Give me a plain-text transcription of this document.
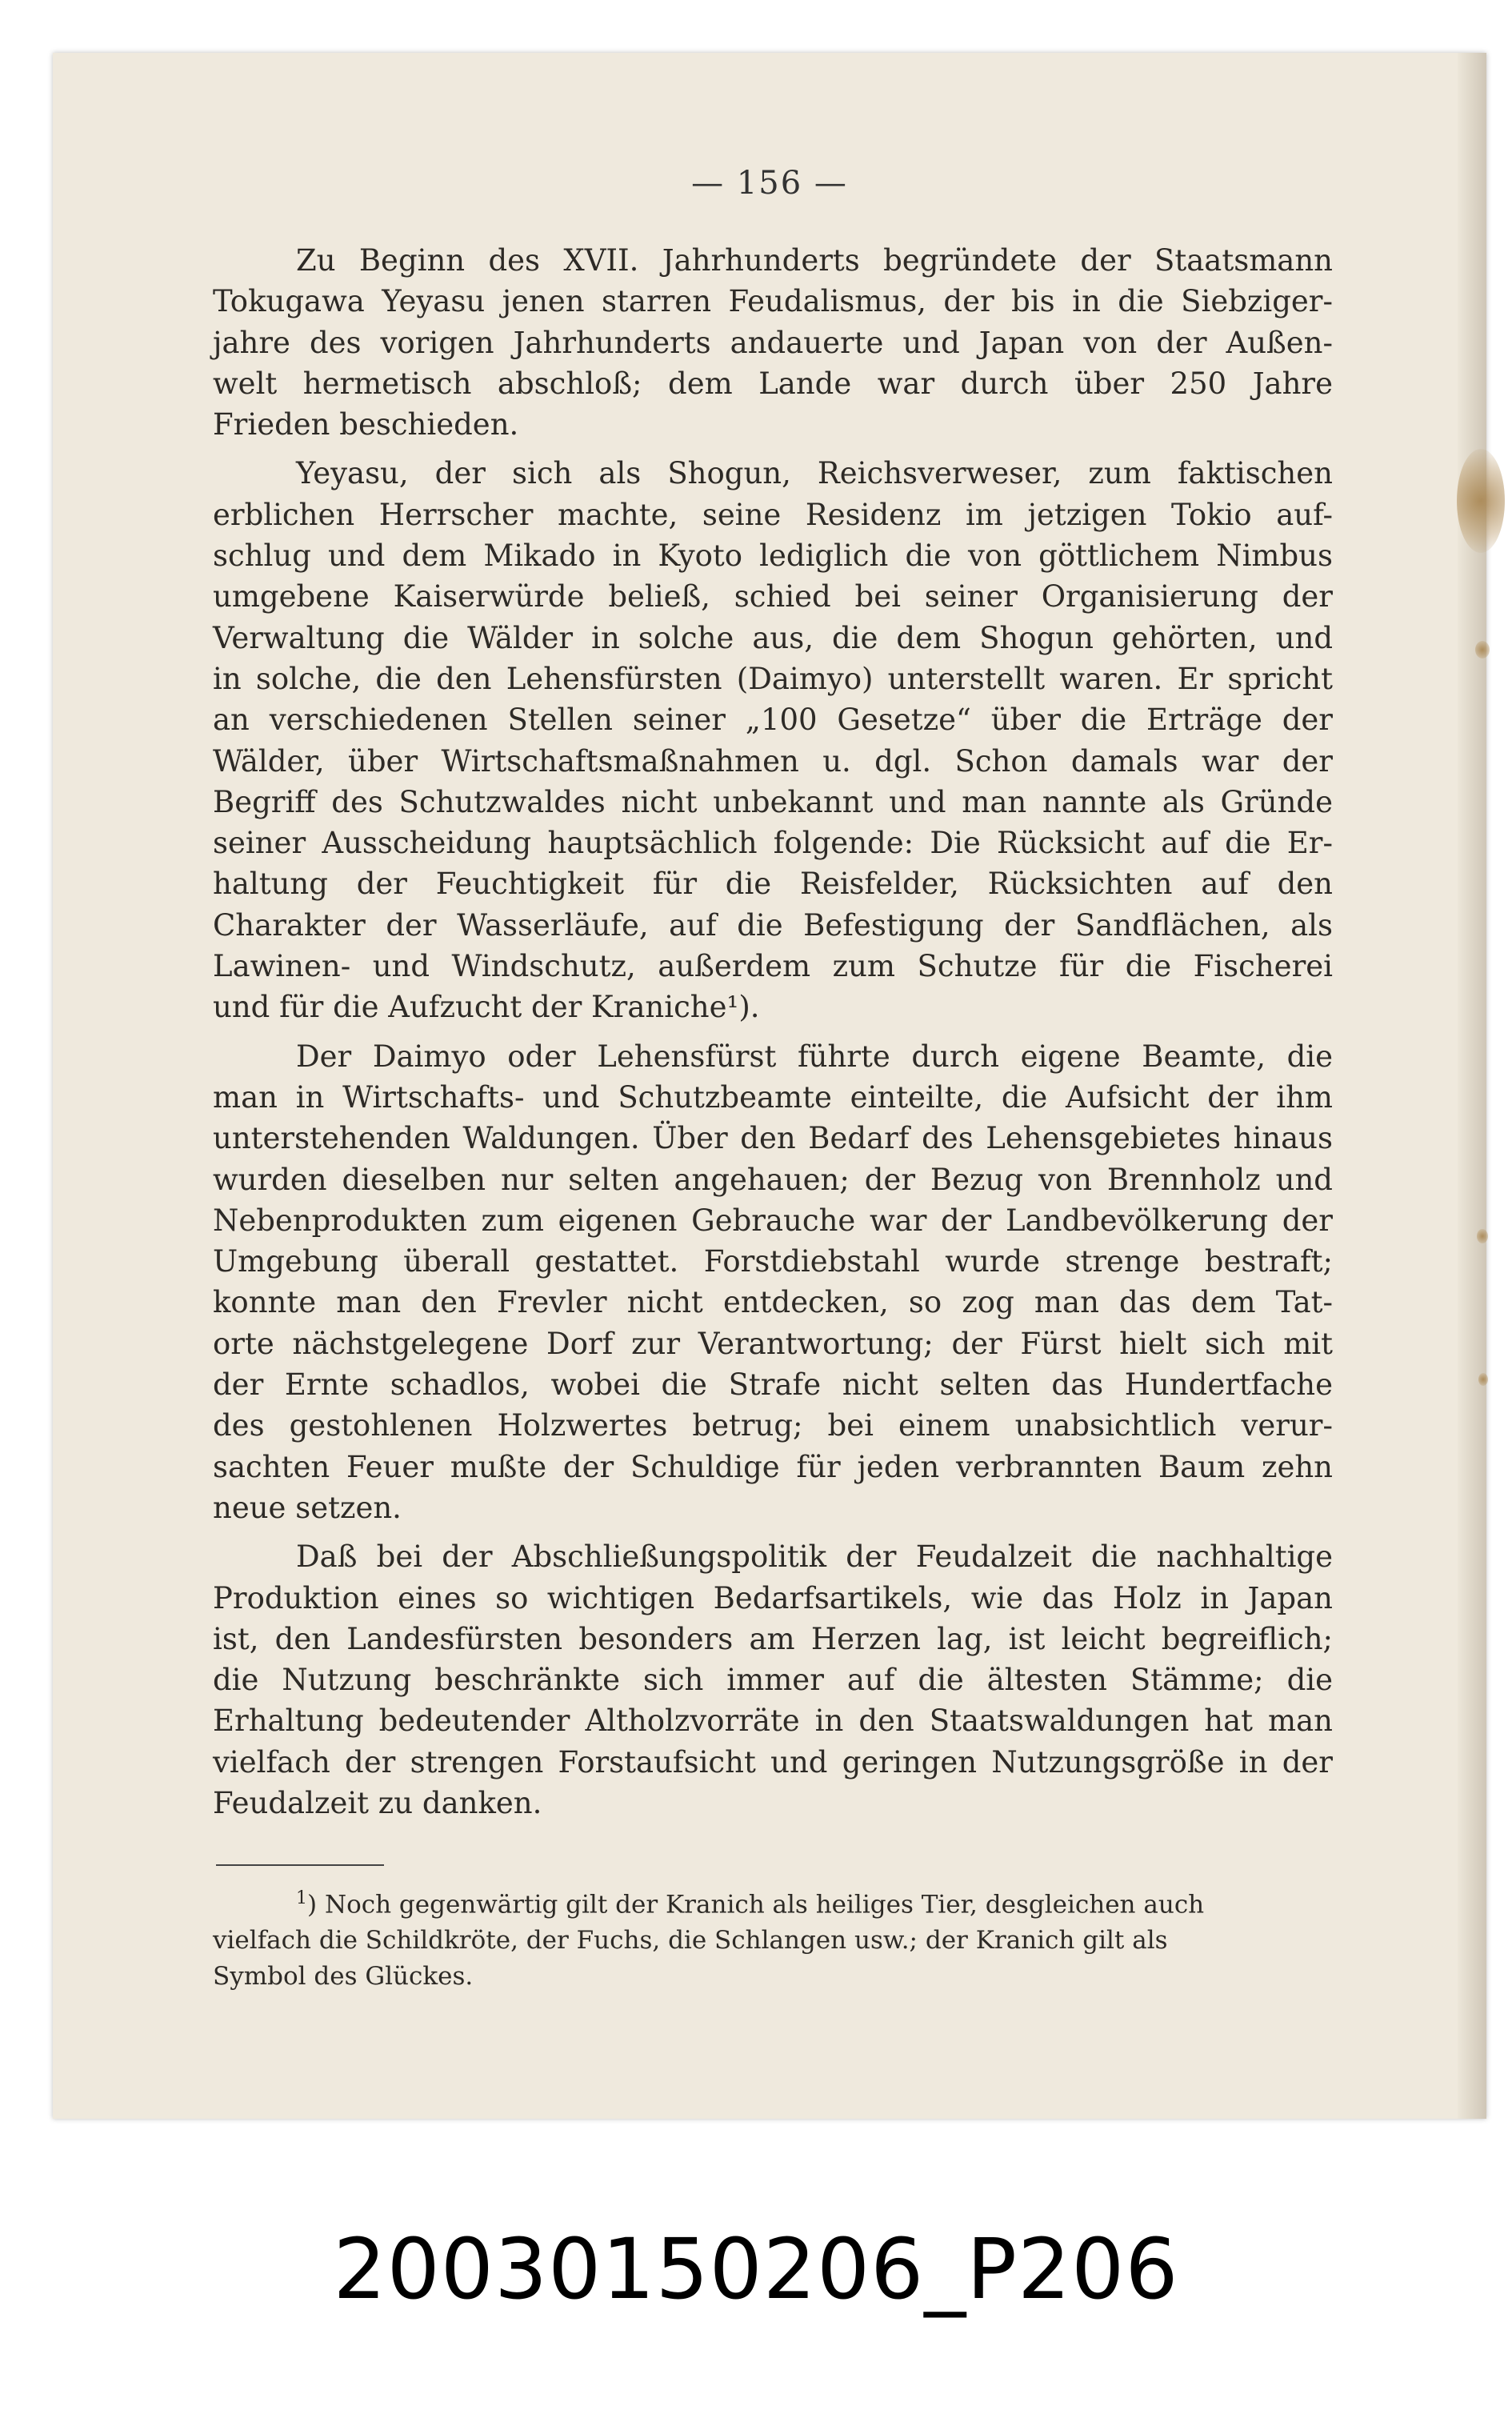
— 156 —

Zu Beginn des XVII. Jahrhunderts begründete der Staatsmann
Tokugawa Yeyasu jenen starren Feudalismus, der bis in die Siebziger-
jahre des vorigen Jahrhunderts andauerte und Japan von der Außen-
welt hermetisch abschloß; dem Lande war durch über 250 Jahre
Frieden beschieden.

Yeyasu, der sich als Shogun, Reichsverweser, zum faktischen
erblichen Herrscher machte, seine Residenz im jetzigen Tokio auf-
schlug und dem Mikado in Kyoto lediglich die von göttlichem Nimbus
umgebene Kaiserwürde beließ, schied bei seiner Organisierung der
Verwaltung die Wälder in solche aus, die dem Shogun gehörten, und
in solche, die den Lehensfürsten (Daimyo) unterstellt waren. Er spricht
an verschiedenen Stellen seiner „100 Gesetze“ über die Erträge der
Wälder, über Wirtschaftsmaßnahmen u. dgl. Schon damals war der
Begriff des Schutzwaldes nicht unbekannt und man nannte als Gründe
seiner Ausscheidung hauptsächlich folgende: Die Rücksicht auf die Er-
haltung der Feuchtigkeit für die Reisfelder, Rücksichten auf den
Charakter der Wasserläufe, auf die Befestigung der Sandflächen, als
Lawinen- und Windschutz, außerdem zum Schutze für die Fischerei
und für die Aufzucht der Kraniche¹).

Der Daimyo oder Lehensfürst führte durch eigene Beamte, die
man in Wirtschafts- und Schutzbeamte einteilte, die Aufsicht der ihm
unterstehenden Waldungen. Über den Bedarf des Lehensgebietes hinaus
wurden dieselben nur selten angehauen; der Bezug von Brennholz und
Nebenprodukten zum eigenen Gebrauche war der Landbevölkerung der
Umgebung überall gestattet. Forstdiebstahl wurde strenge bestraft;
konnte man den Frevler nicht entdecken, so zog man das dem Tat-
orte nächstgelegene Dorf zur Verantwortung; der Fürst hielt sich mit
der Ernte schadlos, wobei die Strafe nicht selten das Hundertfache
des gestohlenen Holzwertes betrug; bei einem unabsichtlich verur-
sachten Feuer mußte der Schuldige für jeden verbrannten Baum zehn
neue setzen.

Daß bei der Abschließungspolitik der Feudalzeit die nachhaltige
Produktion eines so wichtigen Bedarfsartikels, wie das Holz in Japan
ist, den Landesfürsten besonders am Herzen lag, ist leicht begreiflich;
die Nutzung beschränkte sich immer auf die ältesten Stämme; die
Erhaltung bedeutender Altholzvorräte in den Staatswaldungen hat man
vielfach der strengen Forstaufsicht und geringen Nutzungsgröße in der
Feudalzeit zu danken.

$^1$) Noch gegenwärtig gilt der Kranich als heiliges Tier, desgleichen auch
vielfach die Schildkröte, der Fuchs, die Schlangen usw.; der Kranich gilt als
Symbol des Glückes.

20030150206_P206
